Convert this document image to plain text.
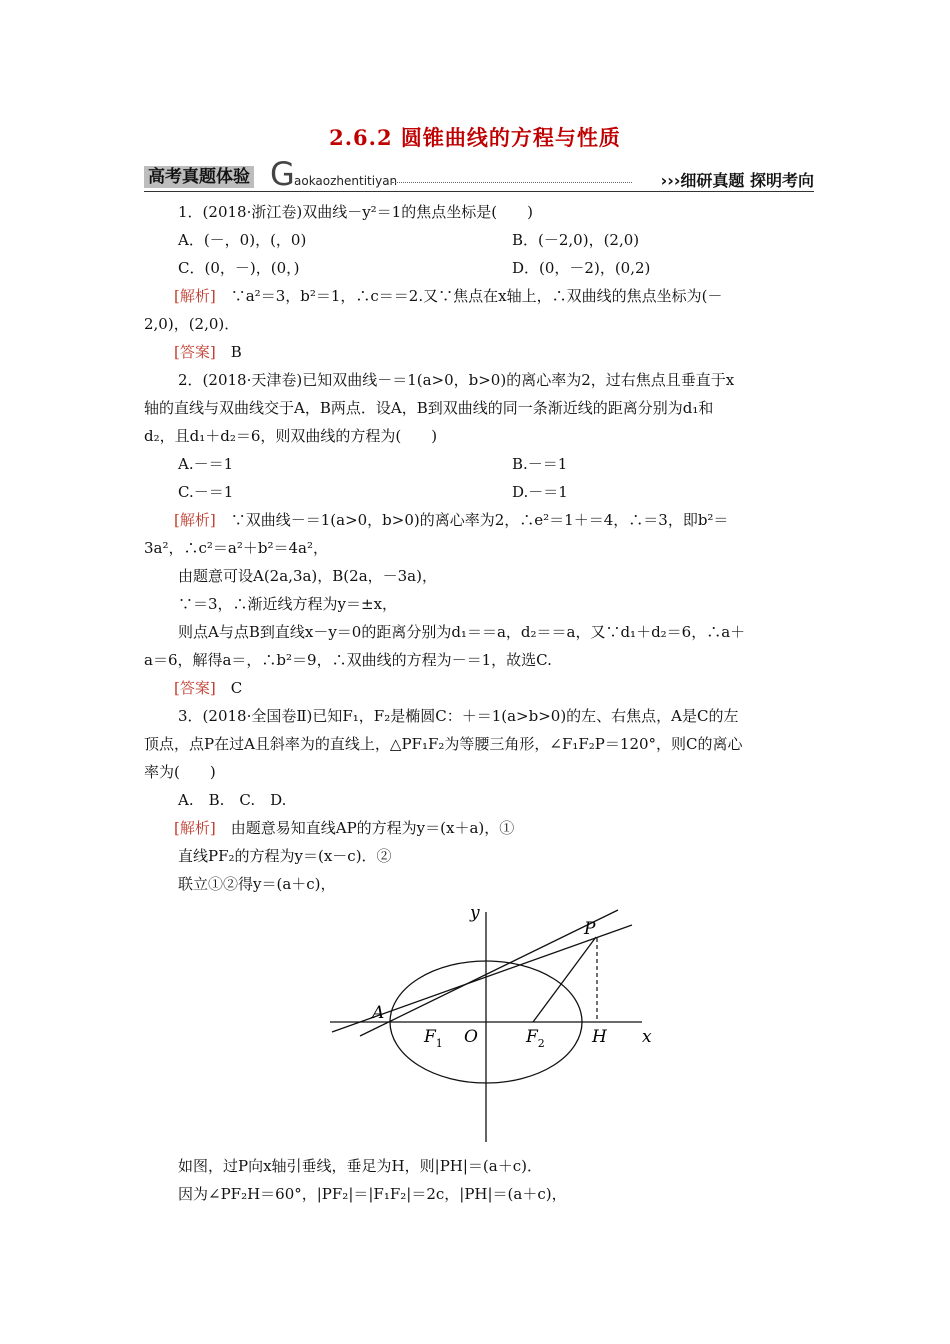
2.6.2 圆锥曲线的方程与性质
高考真题体验 G aokaozhentitiyan	›››细研真题 探明考向
1．(2018·浙江卷)双曲线－y²＝1的焦点坐标是(　　)
A．(－，0)，(，0)	B．(－2,0)，(2,0)
C．(0，－)，(0，)	D．(0，－2)，(0,2)
[解析]　 ∵a²＝3，b²＝1，∴c＝＝2.又∵焦点在x轴上，∴双曲线的焦点坐标为(－
2,0)，(2,0)．
[答案]　 B
2．(2018·天津卷)已知双曲线－＝1(a>0，b>0)的离心率为2，过右焦点且垂直于x
轴的直线与双曲线交于A，B两点．设A，B到双曲线的同一条渐近线的距离分别为d₁和
d₂，且d₁＋d₂＝6，则双曲线的方程为(　　)
A.－＝1	B.－＝1
C.－＝1	D.－＝1
[解析]　 ∵双曲线－＝1(a>0，b>0)的离心率为2，∴e²＝1＋＝4，∴＝3，即b²＝
3a²，∴c²＝a²＋b²＝4a²，
由题意可设A(2a,3a)，B(2a，－3a)，
∵＝3，∴渐近线方程为y＝±x，
则点A与点B到直线x－y＝0的距离分别为d₁＝＝a，d₂＝＝a，又∵d₁＋d₂＝6，∴a＋
a＝6，解得a＝，∴b²＝9，∴双曲线的方程为－＝1，故选C.
[答案]　 C
3．(2018·全国卷Ⅱ)已知F₁，F₂是椭圆C：＋＝1(a>b>0)的左、右焦点，A是C的左
顶点，点P在过A且斜率为的直线上，△PF₁F₂为等腰三角形，∠F₁F₂P＝120°，则C的离心
率为(　　)
A.　B.　C.　D.
[解析]　 由题意易知直线AP的方程为y＝(x＋a)，①
直线PF₂的方程为y＝(x－c)．②
联立①②得y＝(a＋c)，
y
x
P
A
$F_1$ O	$F_2$	H
如图，过P向x轴引垂线，垂足为H，则|PH|＝(a＋c)．
因为∠PF₂H＝60°，|PF₂|＝|F₁F₂|＝2c，|PH|＝(a＋c)，
